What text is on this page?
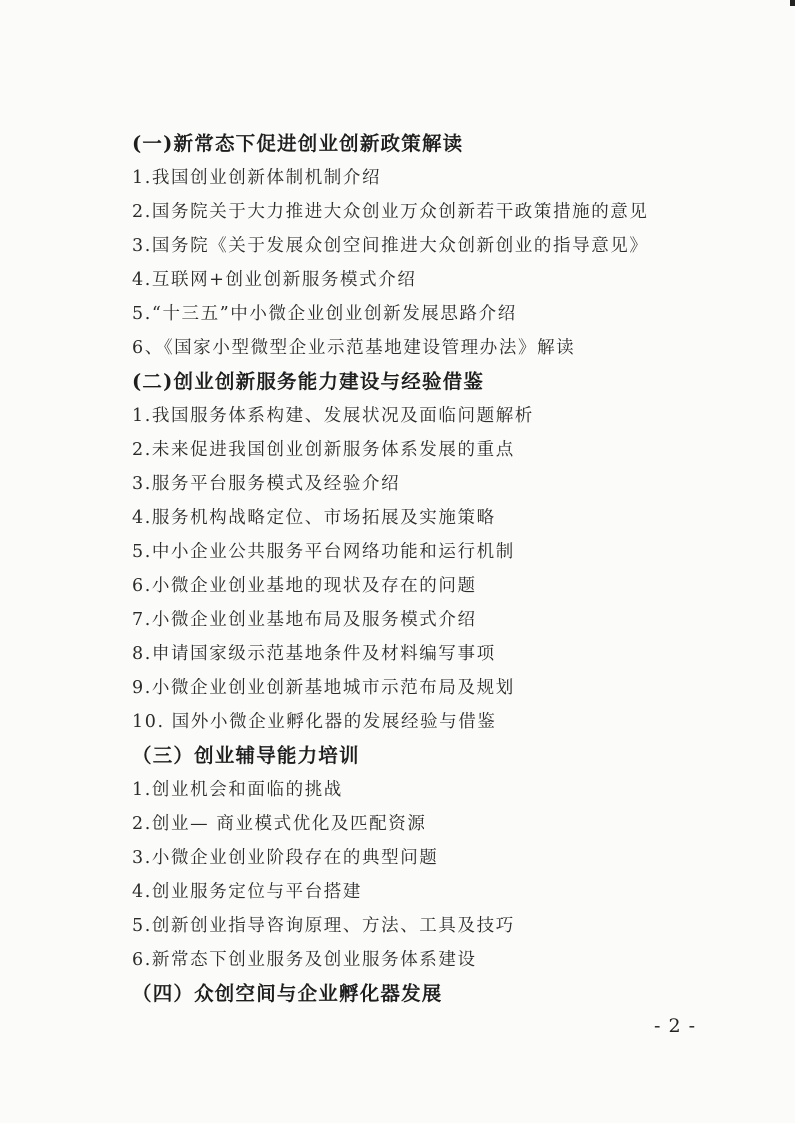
(一)新常态下促进创业创新政策解读
1.我国创业创新体制机制介绍
2.国务院关于大力推进大众创业万众创新若干政策措施的意见
3.国务院《关于发展众创空间推进大众创新创业的指导意见》
4.互联网+创业创新服务模式介绍
5.“十三五”中小微企业创业创新发展思路介绍
6、《国家小型微型企业示范基地建设管理办法》解读
(二)创业创新服务能力建设与经验借鉴
1.我国服务体系构建、发展状况及面临问题解析
2.未来促进我国创业创新服务体系发展的重点
3.服务平台服务模式及经验介绍
4.服务机构战略定位、市场拓展及实施策略
5.中小企业公共服务平台网络功能和运行机制
6.小微企业创业基地的现状及存在的问题
7.小微企业创业基地布局及服务模式介绍
8.申请国家级示范基地条件及材料编写事项
9.小微企业创业创新基地城市示范布局及规划
10. 国外小微企业孵化器的发展经验与借鉴
（三）创业辅导能力培训
1.创业机会和面临的挑战
2.创业— 商业模式优化及匹配资源
3.小微企业创业阶段存在的典型问题
4.创业服务定位与平台搭建
5.创新创业指导咨询原理、方法、工具及技巧
6.新常态下创业服务及创业服务体系建设
（四）众创空间与企业孵化器发展
- 2 -
